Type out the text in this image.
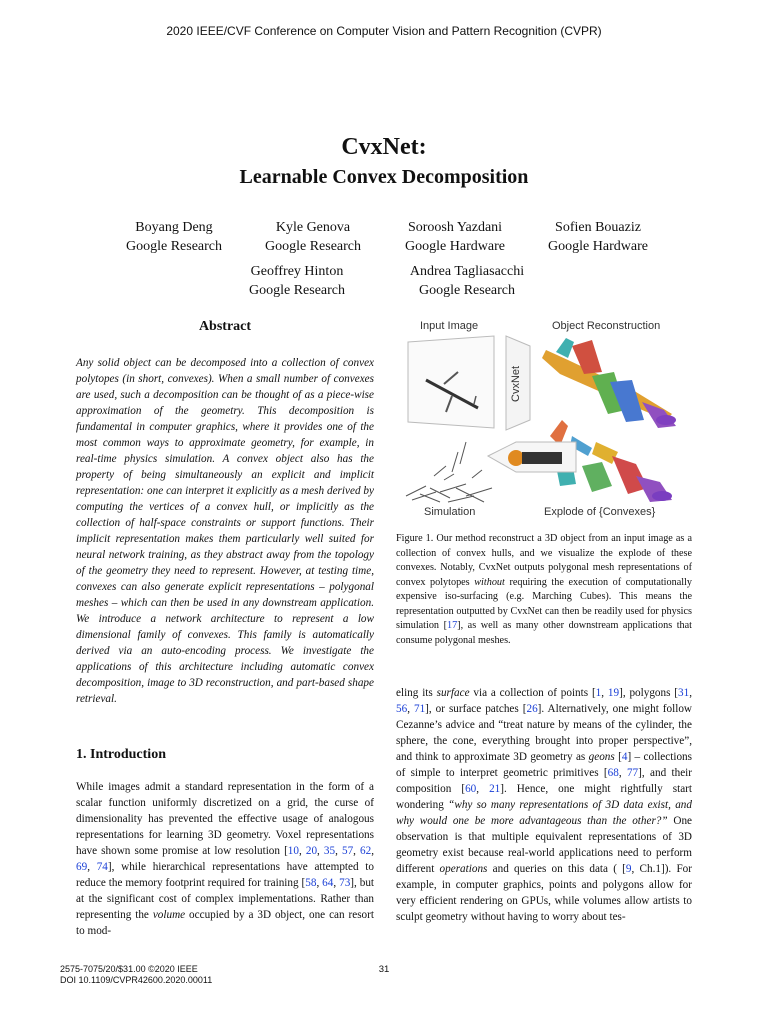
2020 IEEE/CVF Conference on Computer Vision and Pattern Recognition (CVPR)
CvxNet:
Learnable Convex Decomposition
Boyang Deng
Google Research
Kyle Genova
Google Research
Soroosh Yazdani
Google Hardware
Sofien Bouaziz
Google Hardware
Geoffrey Hinton
Google Research
Andrea Tagliasacchi
Google Research
Abstract

Any solid object can be decomposed into a collection of convex polytopes (in short, convexes). When a small number of convexes are used, such a decomposition can be thought of as a piece-wise approximation of the geometry. This decomposition is fundamental in computer graphics, where it provides one of the most common ways to approximate geometry, for example, in real-time physics simulation. A convex object also has the property of being simultaneously an explicit and implicit representation: one can interpret it explicitly as a mesh derived by computing the vertices of a convex hull, or implicitly as the collection of half-space constraints or support functions. Their implicit representation makes them particularly well suited for neural network training, as they abstract away from the topology of the geometry they need to represent. However, at testing time, convexes can also generate explicit representations – polygonal meshes – which can then be used in any downstream application. We introduce a network architecture to represent a low dimensional family of convexes. This family is automatically derived via an auto-encoding process. We investigate the applications of this architecture including automatic convex decomposition, image to 3D reconstruction, and part-based shape retrieval.

Input Image	Object Reconstruction
Simulation	Explode of {Convexes}
CvxNet

Figure 1. Our method reconstruct a 3D object from an input image as a collection of convex hulls, and we visualize the explode of these convexes. Notably, CvxNet outputs polygonal mesh representations of convex polytopes without requiring the execution of computationally expensive iso-surfacing (e.g. Marching Cubes). This means the representation outputted by CvxNet can then be readily used for physics simulation [17], as well as many other downstream applications that consume polygonal meshes.

1. Introduction

While images admit a standard representation in the form of a scalar function uniformly discretized on a grid, the curse of dimensionality has prevented the effective usage of analogous representations for learning 3D geometry. Voxel representations have shown some promise at low resolution [10, 20, 35, 57, 62, 69, 74], while hierarchical representations have attempted to reduce the memory footprint required for training [58, 64, 73], but at the significant cost of complex implementations. Rather than representing the volume occupied by a 3D object, one can resort to mod-

eling its surface via a collection of points [1, 19], polygons [31, 56, 71], or surface patches [26]. Alternatively, one might follow Cezanne’s advice and “treat nature by means of the cylinder, the sphere, the cone, everything brought into proper perspective”, and think to approximate 3D geometry as geons [4] – collections of simple to interpret geometric primitives [68, 77], and their composition [60, 21]. Hence, one might rightfully start wondering “why so many representations of 3D data exist, and why would one be more advantageous than the other?” One observation is that multiple equivalent representations of 3D geometry exist because real-world applications need to perform different operations and queries on this data ( [9, Ch.1]). For example, in computer graphics, points and polygons allow for very efficient rendering on GPUs, while volumes allow artists to sculpt geometry without having to worry about tes-

2575-7075/20/$31.00 ©2020 IEEE
DOI 10.1109/CVPR42600.2020.00011
31
